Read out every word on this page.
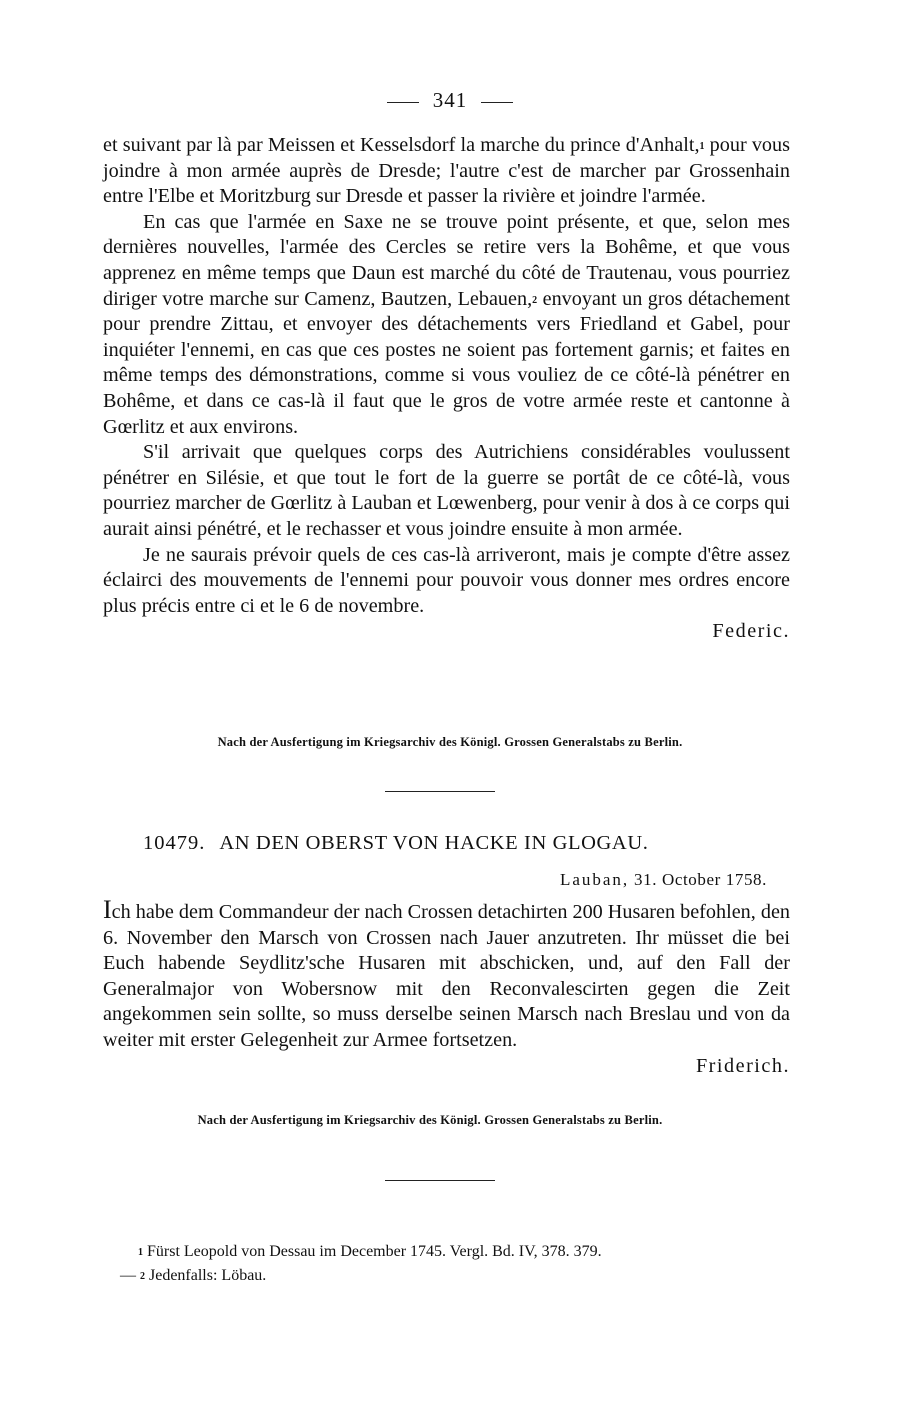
341

et suivant par là par Meissen et Kesselsdorf la marche du prince d'Anhalt,$^1$ pour vous joindre à mon armée auprès de Dresde; l'autre c'est de marcher par Grossenhain entre l'Elbe et Moritzburg sur Dresde et passer la rivière et joindre l'armée.

En cas que l'armée en Saxe ne se trouve point présente, et que, selon mes dernières nouvelles, l'armée des Cercles se retire vers la Bohême, et que vous apprenez en même temps que Daun est marché du côté de Trautenau, vous pourriez diriger votre marche sur Camenz, Bautzen, Lebauen,$^2$ envoyant un gros détachement pour prendre Zittau, et envoyer des détachements vers Friedland et Gabel, pour inquiéter l'ennemi, en cas que ces postes ne soient pas fortement garnis; et faites en même temps des démonstrations, comme si vous vouliez de ce côté-là pénétrer en Bohême, et dans ce cas-là il faut que le gros de votre armée reste et cantonne à Gœrlitz et aux environs.

S'il arrivait que quelques corps des Autrichiens considérables voulussent pénétrer en Silésie, et que tout le fort de la guerre se portât de ce côté-là, vous pourriez marcher de Gœrlitz à Lauban et Lœwenberg, pour venir à dos à ce corps qui aurait ainsi pénétré, et le rechasser et vous joindre ensuite à mon armée.

Je ne saurais prévoir quels de ces cas-là arriveront, mais je compte d'être assez éclairci des mouvements de l'ennemi pour pouvoir vous donner mes ordres encore plus précis entre ci et le 6 de novembre.

Federic.
Nach der Ausfertigung im Kriegsarchiv des Königl. Grossen Generalstabs zu Berlin.
10479. AN DEN OBERST VON HACKE IN GLOGAU.
Lauban, 31. October 1758.

Ich habe dem Commandeur der nach Crossen detachirten 200 Husaren befohlen, den 6. November den Marsch von Crossen nach Jauer anzutreten. Ihr müsset die bei Euch habende Seydlitz'sche Husaren mit abschicken, und, auf den Fall der Generalmajor von Wobersnow mit den Reconvalescirten gegen die Zeit angekommen sein sollte, so muss derselbe seinen Marsch nach Breslau und von da weiter mit erster Gelegenheit zur Armee fortsetzen.

Friderich.
Nach der Ausfertigung im Kriegsarchiv des Königl. Grossen Generalstabs zu Berlin.
$^1$ Fürst Leopold von Dessau im December 1745. Vergl. Bd. IV, 378. 379.
— $^2$ Jedenfalls: Löbau.
